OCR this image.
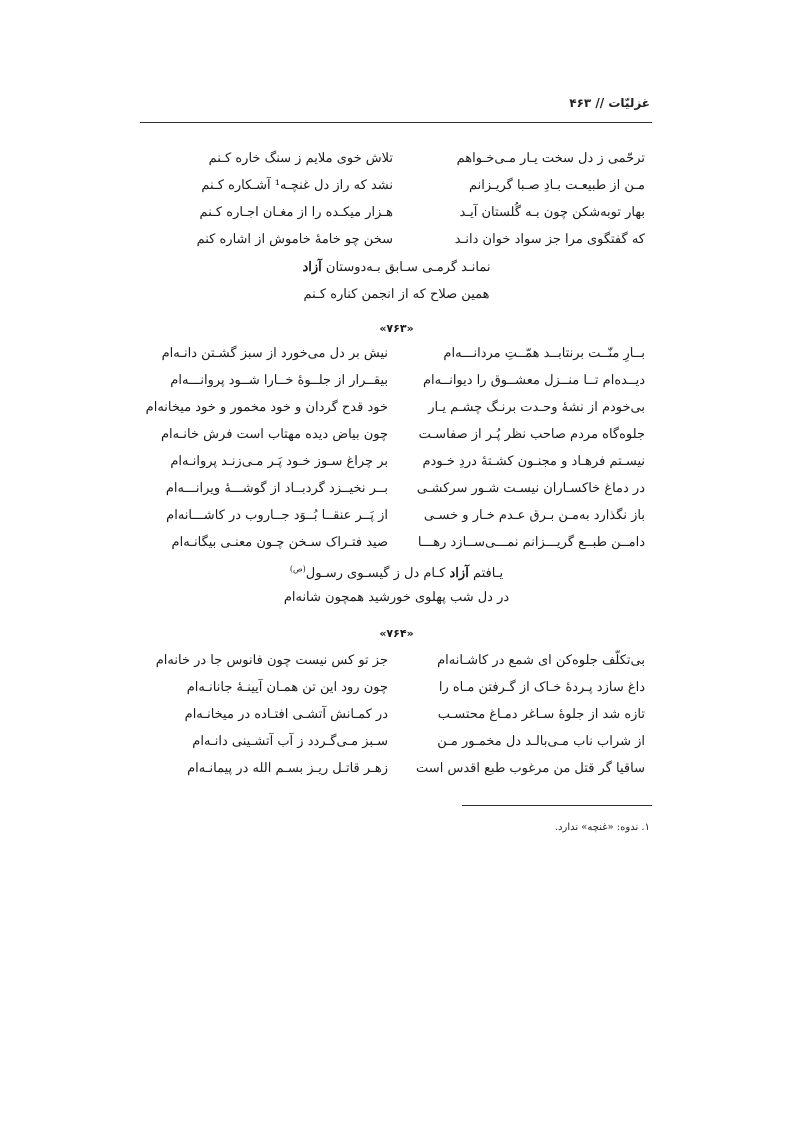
غزلیّات // ۴۶۳
ترحّمی ز دل سخت یـار مـی‌خـواهم
تلاش خوی ملایم ز سنگ خاره کـنم
مـن از طبیعـت بـادِ صـبا گریـزانم
نشد که راز دل غنچـه¹ آشـکاره کـنم
بهار توبه‌شکن چون بـه گُلستان آیـد
هـزار میکـده را از مغـان اجـاره کـنم
که گفتگوی مرا جز سواد خوان دانـد
سخن چو خامهٔ خاموش از اشاره کنم
نمانـد گرمـی سـابق بـه‌دوستان آزاد
همین صلاح که از انجمن کناره کـنم
«۷۶۳»
بــارِ منّــت برنتابــد همّــتِ مردانـــه‌ام
نیش بر دل می‌خورد از سبز گشـتن دانـه‌ام
دیــده‌ام تــا منــزل معشــوق را دیوانــه‌ام
بیقــرار از جلــوهٔ خــارا شــود پروانـــه‌ام
بی‌خودم از نشهٔ وحـدت برنـگ چشـم یـار
خود قدح گردان و خود مخمور و خود میخانه‌ام
جلوه‌گاه مردم صاحب نظر پُـر از صفاسـت
چون بیاض دیده مهتاب است فرش خانـه‌ام
نیسـتم فرهـاد و مجنـون کشـتهٔ دردِ خـودم
بر چراغ سـوز خـود پَـر مـی‌زنـد پروانـه‌ام
در دماغ خاکسـاران نیسـت شـور سرکشـی
بــر نخیــزد گردبــاد از گوشـــهٔ ویرانـــه‌ام
باز نگذارد به‌مـن بـرق عـدم خـار و خسـی
از پَــر عنقــا بُــوَد جــاروب در کاشـــانه‌ام
دامــن طبــع گریـــزانم نمـــی‌ســازد رهـــا
صید فتـراک سـخن چـون معنـی بیگانـه‌ام
یـافتم آزاد کـام دل ز گیسـوی رسـول$^{(ص)}$
در دل شب پهلوی خورشید همچون شانه‌ام
«۷۶۴»
بی‌تکلّف جلوه‌کن ای شمع در کاشـانه‌ام
جز تو کس نیست چون فانوس جا در خانه‌ام
داغ سازد پـردهٔ خـاک از گـرفتن مـاه را
چون رود این تن همـان آیینـهٔ جانانـه‌ام
تازه شد از جلوهٔ سـاغر دمـاغ محتسـب
در کمـانش آتشـی افتـاده در میخانـه‌ام
از شراب ناب مـی‌بالـد دل مخمـور مـن
سـبز مـی‌گـردد ز آب آتشـینی دانـه‌ام
ساقیا گر قتل من مرغوب طبع اقدس است
زهـر قاتـل ریـز بسـم الله در پیمانـه‌ام
۱. ندوه: «غنچه» ندارد.
